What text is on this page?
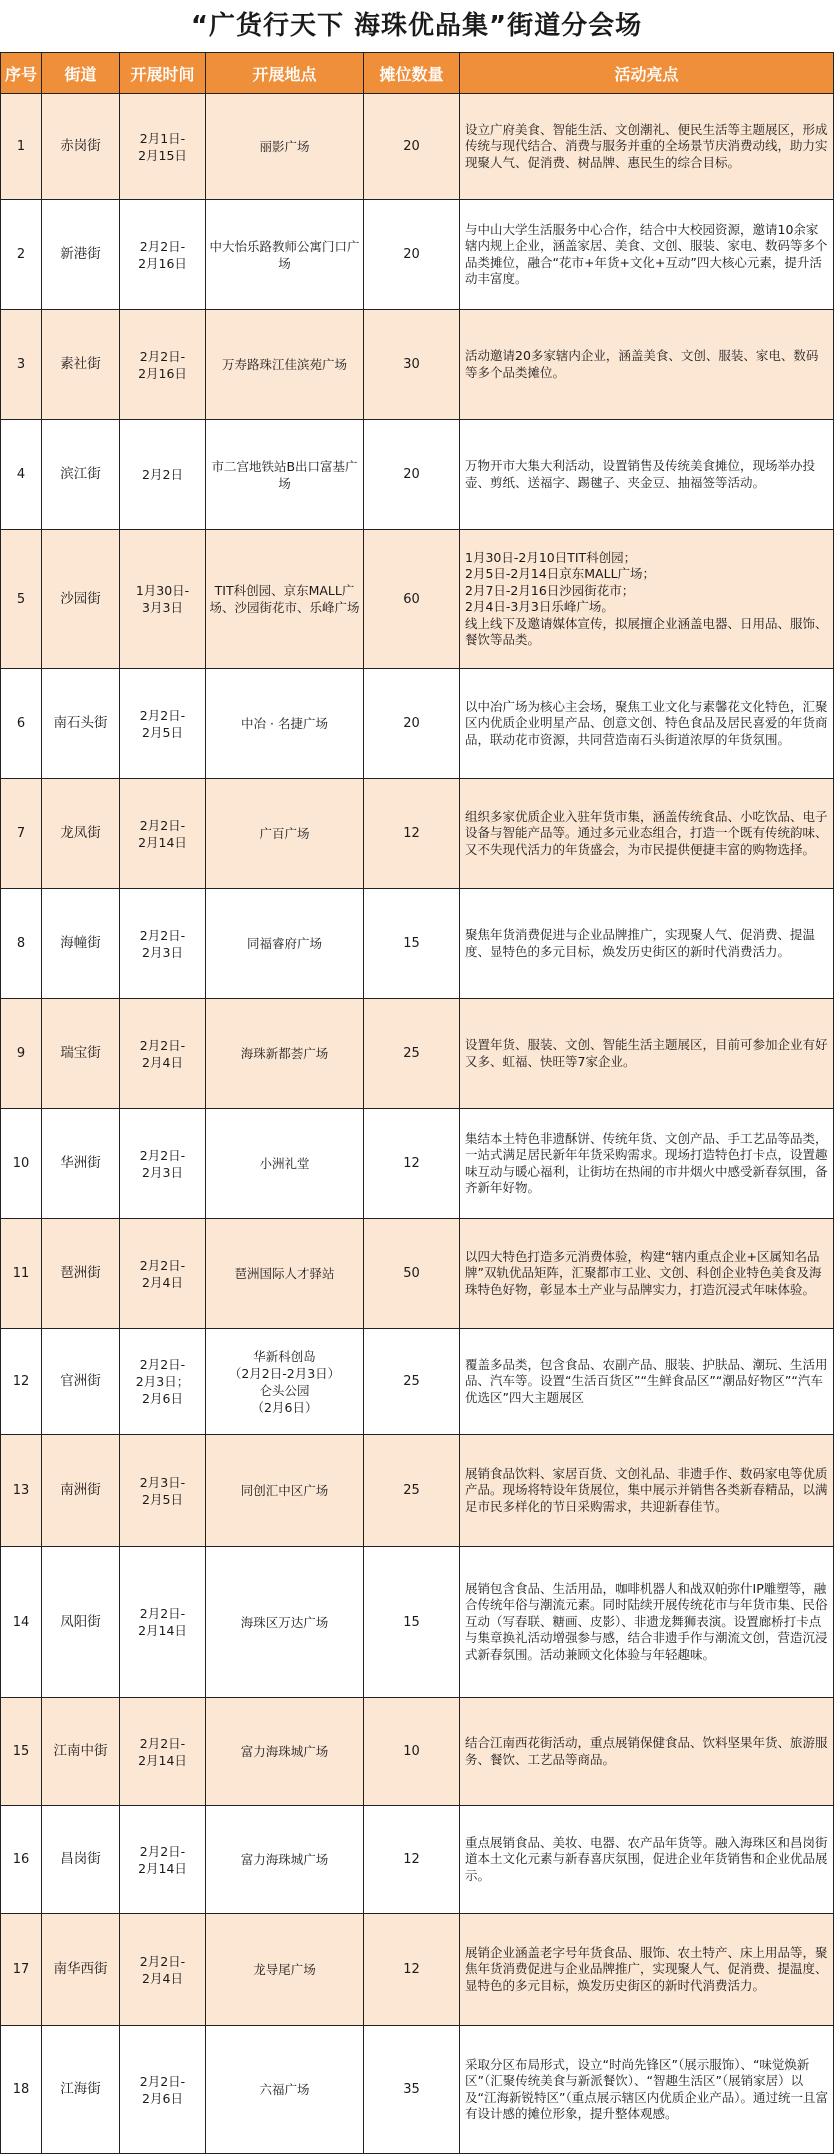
“广货行天下 海珠优品集”街道分会场
序号	街道	开展时间	开展地点	摊位数量	活动亮点

1	赤岗街	2月1日-
2月15日	丽影广场	20	设立广府美食、智能生活、文创潮礼、便民生活等主题展区，形成传统与现代结合、消费与服务并重的全场景节庆消费动线，助力实现聚人气、促消费、树品牌、惠民生的综合目标。

2	新港街	2月2日-
2月16日	中大怡乐路教师公寓门口广场	20	与中山大学生活服务中心合作，结合中大校园资源，邀请10余家辖内规上企业，涵盖家居、美食、文创、服装、家电、数码等多个品类摊位，融合“花市+年货+文化+互动”四大核心元素，提升活动丰富度。

3	素社街	2月2日-
2月16日	万寿路珠江佳滨苑广场	30	活动邀请20多家辖内企业，涵盖美食、文创、服装、家电、数码等多个品类摊位。

4	滨江街	2月2日	市二宫地铁站B出口富基广场	20	万物开市大集大利活动，设置销售及传统美食摊位，现场举办投壶、剪纸、送福字、踢毽子、夹金豆、抽福签等活动。

5	沙园街	1月30日-
3月3日	TIT科创园、京东MALL广场、沙园街花市、乐峰广场	60	1月30日-2月10日TIT科创园；
2月5日-2月14日京东MALL广场；
2月7日-2月16日沙园街花市；
2月4日-3月3日乐峰广场。
线上线下及邀请媒体宣传，拟展擅企业涵盖电器、日用品、服饰、餐饮等品类。

6	南石头街	2月2日-
2月5日	中冶 · 名捷广场	20	以中冶广场为核心主会场，聚焦工业文化与素馨花文化特色，汇聚区内优质企业明星产品、创意文创、特色食品及居民喜爱的年货商品，联动花市资源，共同营造南石头街道浓厚的年货氛围。

7	龙凤街	2月2日-
2月14日	广百广场	12	组织多家优质企业入驻年货市集，涵盖传统食品、小吃饮品、电子设备与智能产品等。通过多元业态组合，打造一个既有传统韵味、又不失现代活力的年货盛会，为市民提供便捷丰富的购物选择。

8	海幢街	2月2日-
2月3日	同福睿府广场	15	聚焦年货消费促进与企业品牌推广，实现聚人气、促消费、提温度、显特色的多元目标，焕发历史街区的新时代消费活力。

9	瑞宝街	2月2日-
2月4日	海珠新都荟广场	25	设置年货、服装、文创、智能生活主题展区，目前可参加企业有好又多、虹福、快旺等7家企业。

10	华洲街	2月2日-
2月3日	小洲礼堂	12	集结本土特色非遗酥饼、传统年货、文创产品、手工艺品等品类，一站式满足居民新年年货采购需求。现场打造特色打卡点，设置趣味互动与暖心福利，让街坊在热闹的市井烟火中感受新春氛围，备齐新年好物。

11	琶洲街	2月2日-
2月4日	琶洲国际人才驿站	50	以四大特色打造多元消费体验，构建“辖内重点企业+区属知名品牌”双轨优品矩阵，汇聚都市工业、文创、科创企业特色美食及海珠特色好物，彰显本土产业与品牌实力，打造沉浸式年味体验。

12	官洲街	2月2日-
2月3日；
2月6日	华新科创岛
（2月2日-2月3日）
仑头公园
（2月6日）	25	覆盖多品类，包含食品、农副产品、服装、护肤品、潮玩、生活用品、汽车等。设置“生活百货区”“生鲜食品区”“潮品好物区”“汽车优选区”四大主题展区

13	南洲街	2月3日-
2月5日	同创汇中区广场	25	展销食品饮料、家居百货、文创礼品、非遗手作、数码家电等优质产品。现场将特设年货展位，集中展示并销售各类新春精品，以满足市民多样化的节日采购需求，共迎新春佳节。

14	凤阳街	2月2日-
2月14日	海珠区万达广场	15	展销包含食品、生活用品，咖啡机器人和战双帕弥什IP雕塑等，融合传统年俗与潮流元素。同时陆续开展传统花市与年货市集、民俗互动（写春联、糖画、皮影）、非遗龙舞狮表演。设置廊桥打卡点与集章换礼活动增强参与感，结合非遗手作与潮流文创，营造沉浸式新春氛围。活动兼顾文化体验与年轻趣味。

15	江南中街	2月2日-
2月14日	富力海珠城广场	10	结合江南西花街活动，重点展销保健食品、饮料坚果年货、旅游服务、餐饮、工艺品等商品。

16	昌岗街	2月2日-
2月14日	富力海珠城广场	12	重点展销食品、美妆、电器、农产品年货等。融入海珠区和昌岗街道本土文化元素与新春喜庆氛围，促进企业年货销售和企业优品展示。

17	南华西街	2月2日-
2月4日	龙导尾广场	12	展销企业涵盖老字号年货食品、服饰、农土特产、床上用品等，聚焦年货消费促进与企业品牌推广，实现聚人气、促消费、提温度、显特色的多元目标，焕发历史街区的新时代消费活力。

18	江海街	2月2日-
2月6日	六福广场	35	采取分区布局形式，设立“时尚先锋区”（展示服饰）、“味觉焕新区”（汇聚传统美食与新派餐饮）、“智趣生活区”（展销家居）以及“江海新锐特区”（重点展示辖区内优质企业产品）。通过统一且富有设计感的摊位形象，提升整体观感。
